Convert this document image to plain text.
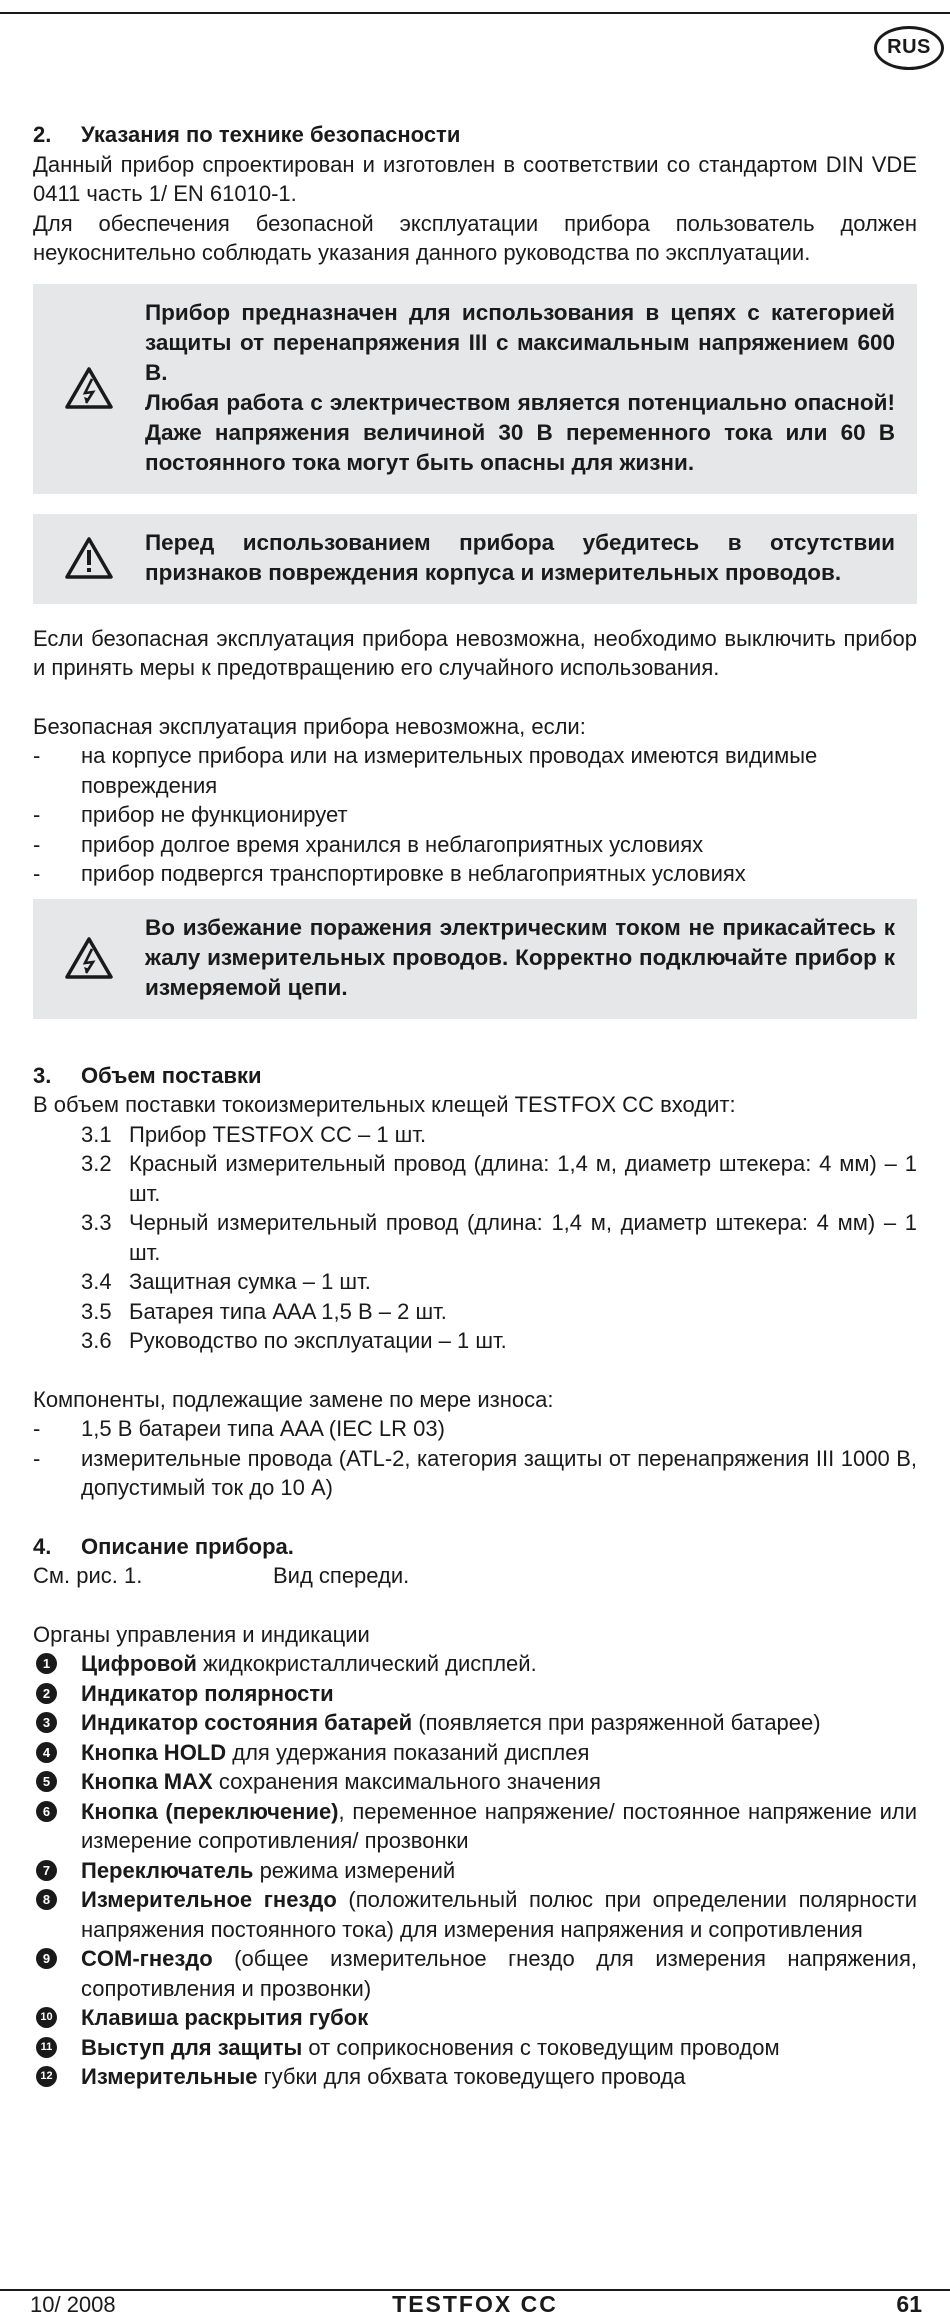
RUS
2. Указания по технике безопасности

Данный прибор спроектирован и изготовлен в соответствии со стандартом DIN VDE 0411 часть 1/ EN 61010-1.

Для обеспечения безопасной эксплуатации прибора пользователь должен неукоснительно соблюдать указания данного руководства по эксплуатации.

Прибор предназначен для использования в цепях с категорией защиты от перенапряжения III с максимальным напряжением 600 В.
Любая работа с электричеством является потенциально опасной! Даже напряжения величиной 30 В переменного тока или 60 В постоянного тока могут быть опасны для жизни.
Перед использованием прибора убедитесь в отсутствии признаков повреждения корпуса и измерительных проводов.

Если безопасная эксплуатация прибора невозможна, необходимо выключить прибор и принять меры к предотвращению его случайного использования.

Безопасная эксплуатация прибора невозможна, если:

- на корпусе прибора или на измерительных проводах имеются видимые повреждения
- прибор не функционирует
- прибор долгое время хранился в неблагоприятных условиях
- прибор подвергся транспортировке в неблагоприятных условиях
Во избежание поражения электрическим током не прикасайтесь к жалу измерительных проводов. Корректно подключайте прибор к измеряемой цепи.
3. Объем поставки

В объем поставки токоизмерительных клещей TESTFOX CC входит:

3.1 Прибор TESTFOX CC – 1 шт.
3.2 Красный измерительный провод (длина: 1,4 м, диаметр штекера: 4 мм) – 1 шт.
3.3 Черный измерительный провод (длина: 1,4 м, диаметр штекера: 4 мм) – 1 шт.
3.4 Защитная сумка – 1 шт.
3.5 Батарея типа AAA 1,5 В – 2 шт.
3.6 Руководство по эксплуатации – 1 шт.

Компоненты, подлежащие замене по мере износа:

- 1,5 В батареи типа AAA (IEC LR 03)
- измерительные провода (ATL-2, категория защиты от перенапряжения III 1000 В, допустимый ток до 10 А)
4. Описание прибора.
См. рис. 1.	Вид спереди.

Органы управления и индикации

1	Цифровой жидкокристаллический дисплей.
2	Индикатор полярности
3	Индикатор состояния батарей (появляется при разряженной батарее)
4	Кнопка HOLD для удержания показаний дисплея
5	Кнопка MAX сохранения максимального значения
6	Кнопка (переключение), переменное напряжение/ постоянное напряжение или измерение сопротивления/ прозвонки
7	Переключатель режима измерений
8	Измерительное гнездо (положительный полюс при определении полярности напряжения постоянного тока) для измерения напряжения и сопротивления
9	COM-гнездо (общее измерительное гнездо для измерения напряжения, сопротивления и прозвонки)
10 Клавиша раскрытия губок
11 Выступ для защиты от соприкосновения с токоведущим проводом
12 Измерительные губки для обхвата токоведущего провода
10/ 2008	TESTFOX CC	61
